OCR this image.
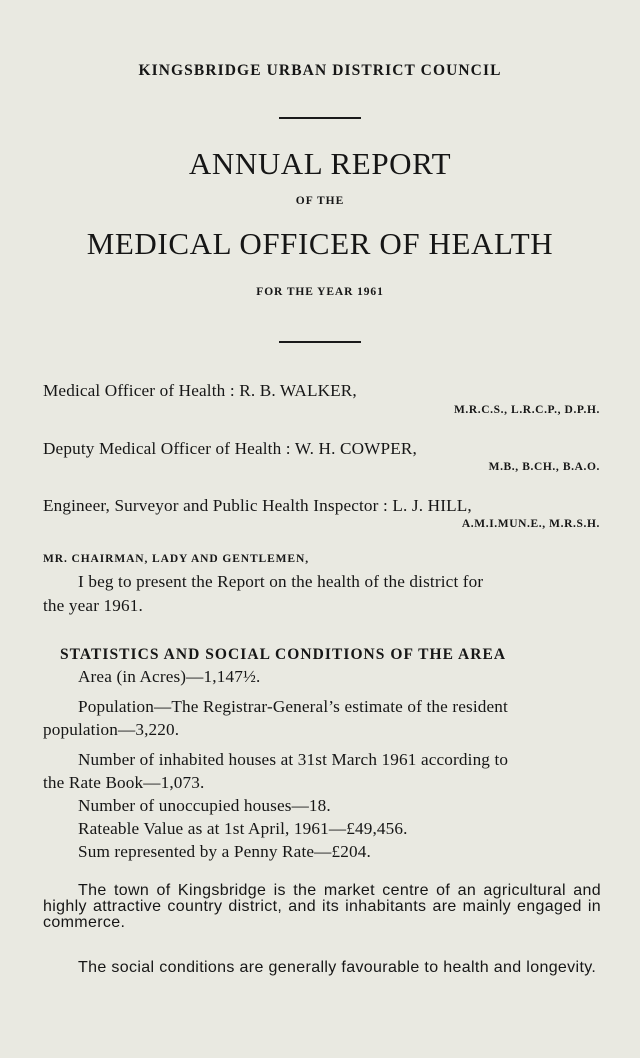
KINGSBRIDGE URBAN DISTRICT COUNCIL
ANNUAL REPORT
OF THE
MEDICAL OFFICER OF HEALTH
FOR THE YEAR 1961
Medical Officer of Health : R. B. WALKER,
M.R.C.S., L.R.C.P., D.P.H.
Deputy Medical Officer of Health : W. H. COWPER,
M.B., B.CH., B.A.O.
Engineer, Surveyor and Public Health Inspector : L. J. HILL,
A.M.I.MUN.E., M.R.S.H.
MR. CHAIRMAN, LADY AND GENTLEMEN,
I beg to present the Report on the health of the district for
the year 1961.
STATISTICS AND SOCIAL CONDITIONS OF THE AREA
Area (in Acres)—1,147½.
Population—The Registrar-General’s estimate of the resident
population—3,220.
Number of inhabited houses at 31st March 1961 according to
the Rate Book—1,073.
Number of unoccupied houses—18.
Rateable Value as at 1st April, 1961—£49,456.
Sum represented by a Penny Rate—£204.
The town of Kingsbridge is the market centre of an agricultural and highly attractive country district, and its inhabitants are mainly engaged in commerce.
The social conditions are generally favourable to health and longevity.
